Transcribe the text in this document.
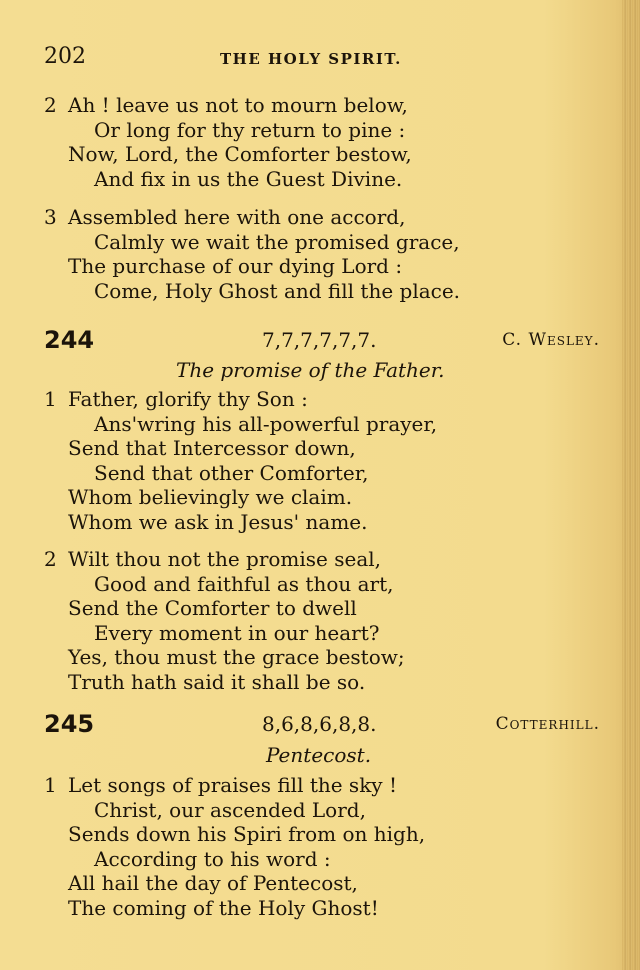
202	THE HOLY SPIRIT.
2 Ah ! leave us not to mourn below,
Or long for thy return to pine :
Now, Lord, the Comforter bestow,
And fix in us the Guest Divine.
3 Assembled here with one accord,
Calmly we wait the promised grace,
The purchase of our dying Lord :
Come, Holy Ghost and fill the place.
244	7,7,7,7,7,7.	C. Wesley.
The promise of the Father.
1 Father, glorify thy Son :
Ans'wring his all-powerful prayer,
Send that Intercessor down,
Send that other Comforter,
Whom believingly we claim.
Whom we ask in Jesus' name.
2 Wilt thou not the promise seal,
Good and faithful as thou art,
Send the Comforter to dwell
Every moment in our heart?
Yes, thou must the grace bestow;
Truth hath said it shall be so.
245	8,6,8,6,8,8.	Cotterhill.
Pentecost.
1 Let songs of praises fill the sky !
Christ, our ascended Lord,
Sends down his Spiri from on high,
According to his word :
All hail the day of Pentecost,
The coming of the Holy Ghost!
